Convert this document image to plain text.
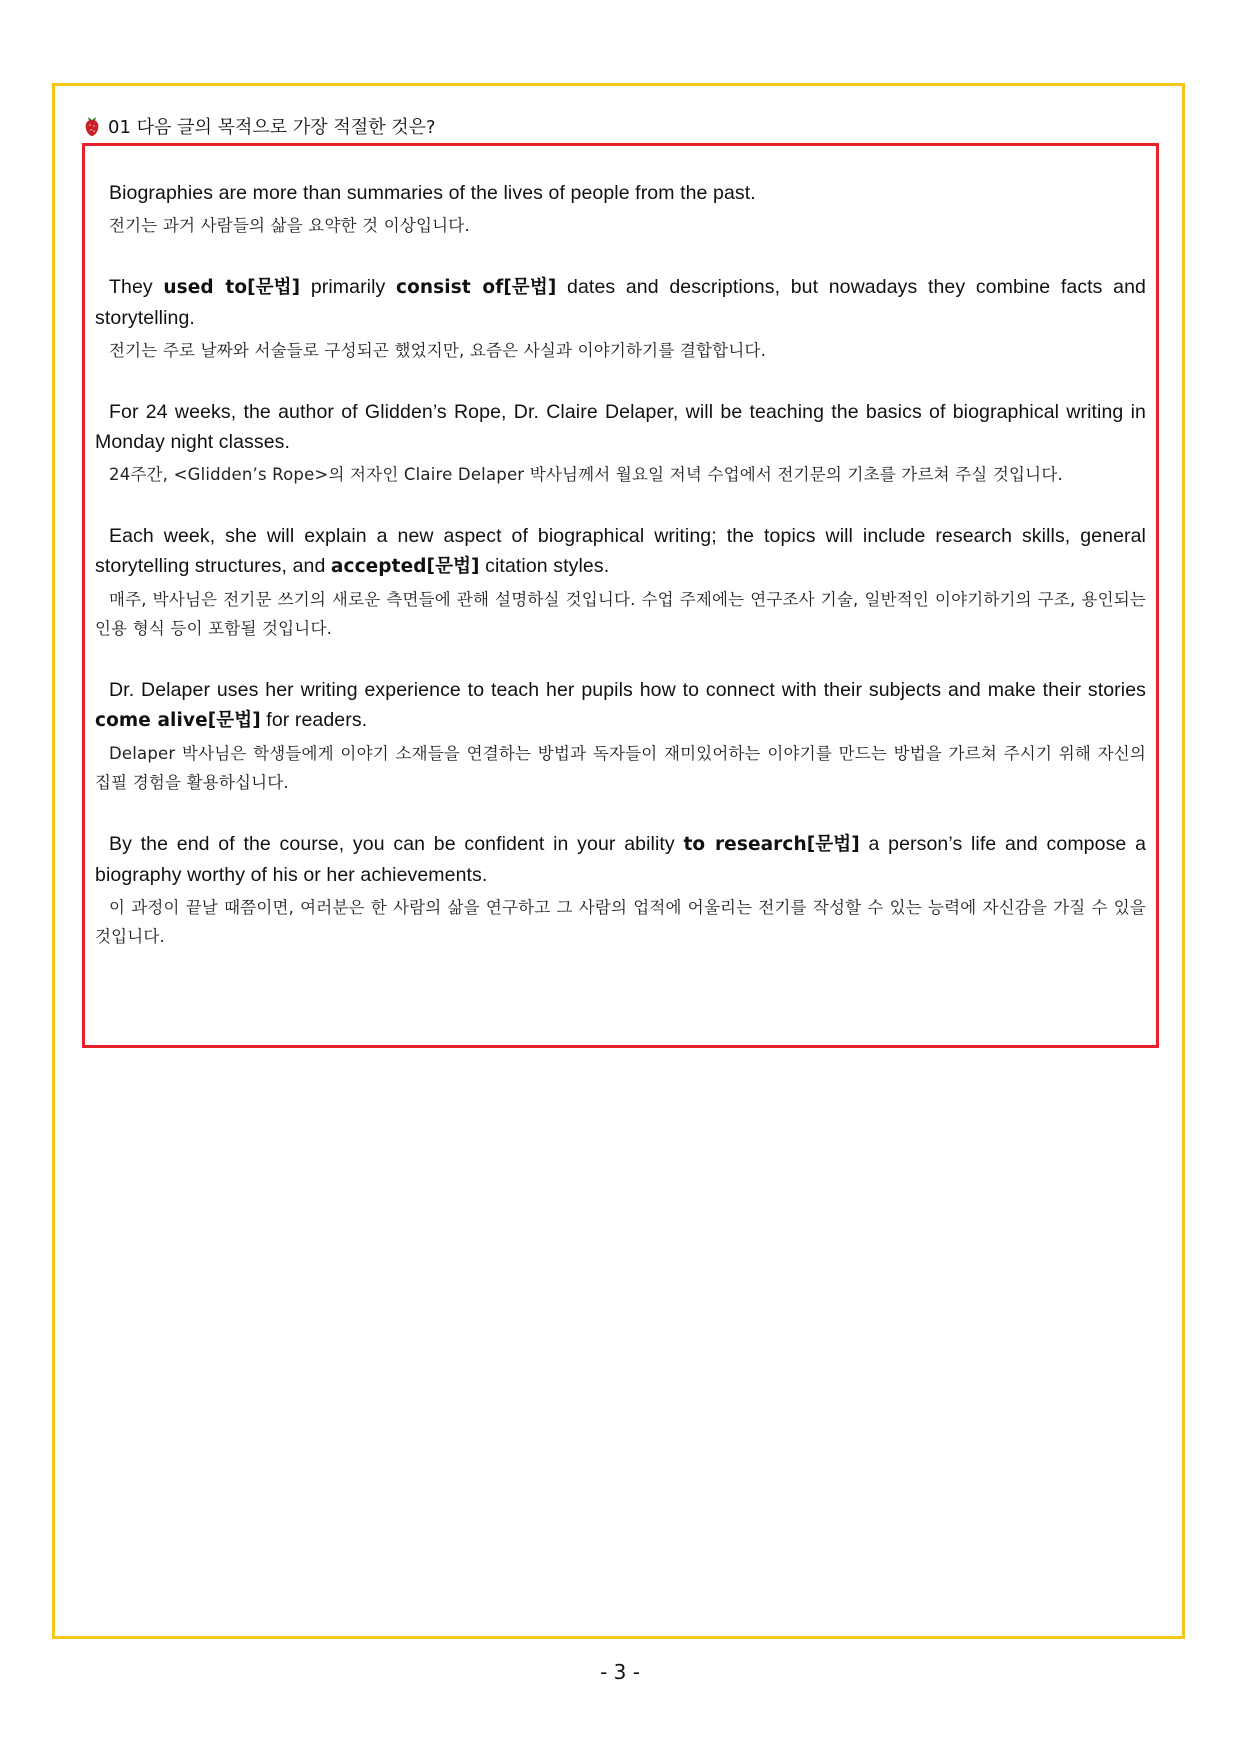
01 다음 글의 목적으로 가장 적절한 것은?

Biographies are more than summaries of the lives of people from the past.

전기는 과거 사람들의 삶을 요약한 것 이상입니다.

They used to[문법] primarily consist of[문법] dates and descriptions, but nowadays they combine facts and storytelling.

전기는 주로 날짜와 서술들로 구성되곤 했었지만, 요즘은 사실과 이야기하기를 결합합니다.

For 24 weeks, the author of Glidden’s Rope, Dr. Claire Delaper, will be teaching the basics of biographical writing in Monday night classes.

24주간, <Glidden’s Rope>의 저자인 Claire Delaper 박사님께서 월요일 저녁 수업에서 전기문의 기초를 가르쳐 주실 것입니다.

Each week, she will explain a new aspect of biographical writing; the topics will include research skills, general storytelling structures, and accepted[문법] citation styles.

매주, 박사님은 전기문 쓰기의 새로운 측면들에 관해 설명하실 것입니다. 수업 주제에는 연구조사 기술, 일반적인 이야기하기의 구조, 용인되는 인용 형식 등이 포함될 것입니다.

Dr. Delaper uses her writing experience to teach her pupils how to connect with their subjects and make their stories come alive[문법] for readers.

Delaper 박사님은 학생들에게 이야기 소재들을 연결하는 방법과 독자들이 재미있어하는 이야기를 만드는 방법을 가르쳐 주시기 위해 자신의 집필 경험을 활용하십니다.

By the end of the course, you can be confident in your ability to research[문법] a person’s life and compose a biography worthy of his or her achievements.

이 과정이 끝날 때쯤이면, 여러분은 한 사람의 삶을 연구하고 그 사람의 업적에 어울리는 전기를 작성할 수 있는 능력에 자신감을 가질 수 있을 것입니다.

- 3 -
